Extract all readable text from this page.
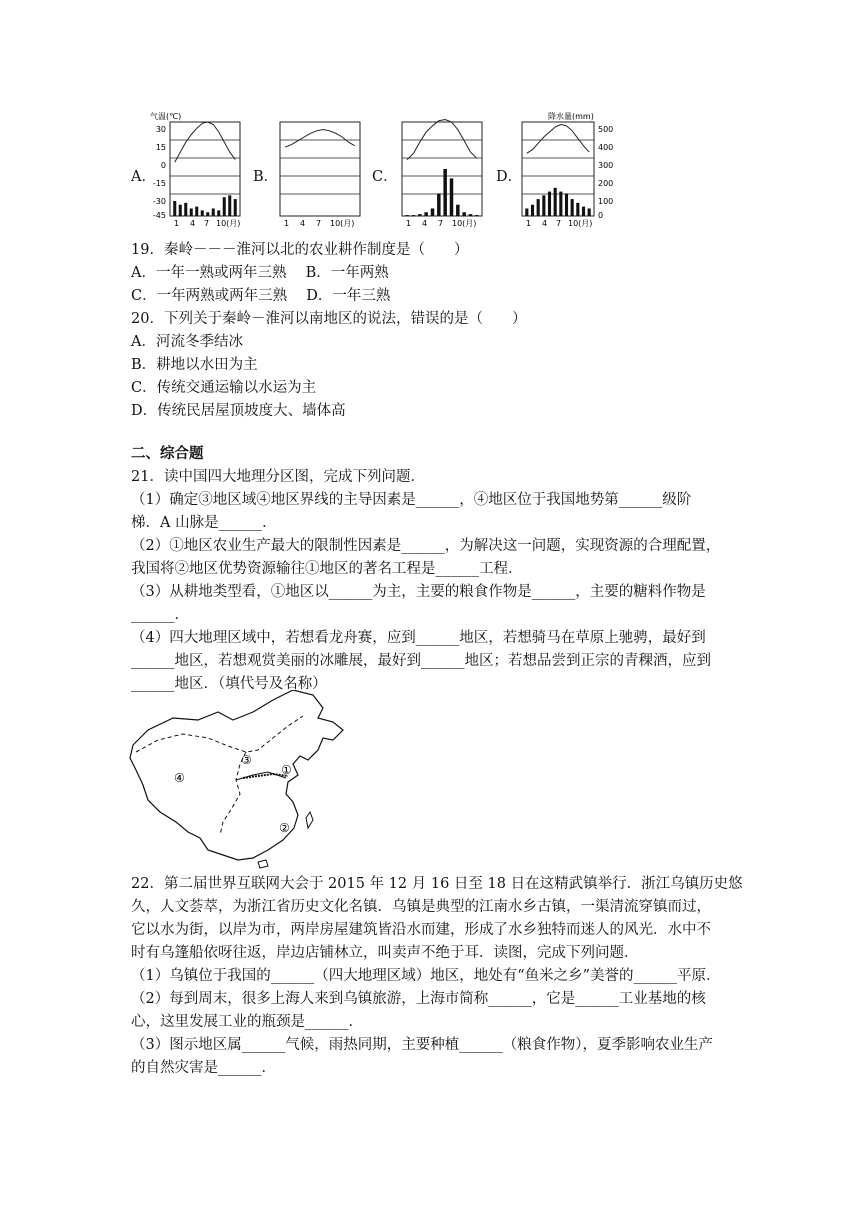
A．	B．	C．	D．
气温(℃)
30
15
0
-15
-30
-45
1 4 7 10(月)	1 4 7 10(月)	1 4 7 10(月)
降水量(mm)
500
400
300
200
100
0
1 4 7 10(月)
19．秦岭－－－淮河以北的农业耕作制度是（　　）
A．一年一熟或两年三熟　 B．一年两熟
C．一年两熟或两年三熟　 D．一年三熟
20．下列关于秦岭－淮河以南地区的说法，错误的是（　　）
A．河流冬季结冰
B．耕地以水田为主
C．传统交通运输以水运为主
D．传统民居屋顶坡度大、墙体高
二、综合题
21．读中国四大地理分区图，完成下列问题．
（1）确定③地区域④地区界线的主导因素是______，④地区位于我国地势第______级阶
梯．A 山脉是______．
（2）①地区农业生产最大的限制性因素是______，为解决这一问题，实现资源的合理配置，
我国将②地区优势资源输往①地区的著名工程是______工程．
（3）从耕地类型看，①地区以______为主，主要的粮食作物是______，主要的糖料作物是
______．
（4）四大地理区域中，若想看龙舟赛，应到______地区，若想骑马在草原上驰骋，最好到
______地区，若想观赏美丽的冰雕展，最好到______地区；若想品尝到正宗的青稞酒，应到
______地区．（填代号及名称）
①
②
③
④
22．第二届世界互联网大会于 2015 年 12 月 16 日至 18 日在这精武镇举行．浙江乌镇历史悠
久，人文荟萃，为浙江省历史文化名镇．乌镇是典型的江南水乡古镇，一渠清流穿镇而过，
它以水为街，以岸为市，两岸房屋建筑皆沿水而建，形成了水乡独特而迷人的风光．水中不
时有乌篷船依呀往返，岸边店铺林立，叫卖声不绝于耳．读图，完成下列问题．
（1）乌镇位于我国的______（四大地理区域）地区，地处有“鱼米之乡”美誉的______平原．
（2）每到周末，很多上海人来到乌镇旅游，上海市简称______，它是______工业基地的核
心，这里发展工业的瓶颈是______．
（3）图示地区属______气候，雨热同期，主要种植______（粮食作物），夏季影响农业生产
的自然灾害是______．
